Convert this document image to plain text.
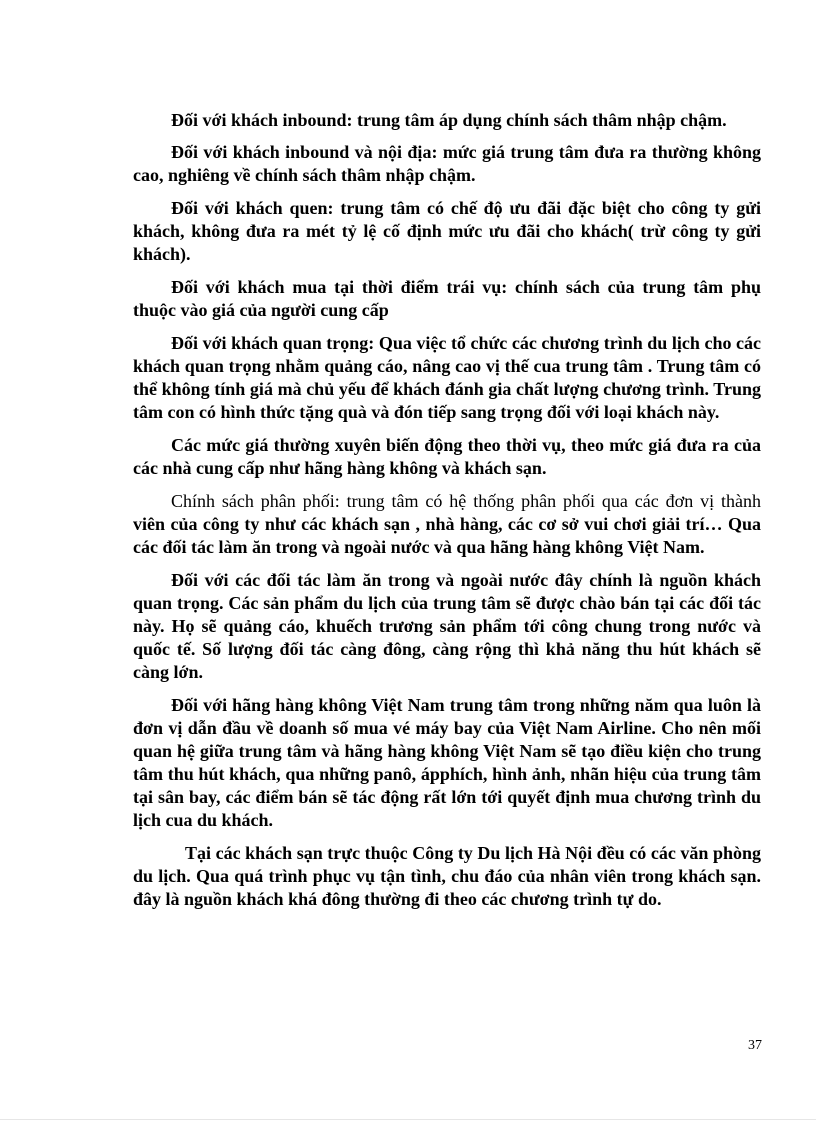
Đối với khách inbound: trung tâm áp dụng chính sách thâm nhập chậm.

Đối với khách inbound và nội địa: mức giá trung tâm đưa ra thường không cao, nghiêng về chính sách thâm nhập chậm.

Đối với khách quen: trung tâm có chế độ ưu đãi đặc biệt cho công ty gửi khách, không đưa ra mét tỷ lệ cố định mức ưu đãi cho khách( trừ công ty gửi khách).

Đối với khách mua tại thời điểm trái vụ: chính sách của trung tâm phụ thuộc vào giá của người cung cấp

Đối với khách quan trọng: Qua việc tổ chức các chương trình du lịch cho các khách quan trọng nhằm quảng cáo, nâng cao vị thế cua trung tâm . Trung tâm có thể không tính giá mà chủ yếu để khách đánh gia chất lượng chương trình. Trung tâm con có hình thức tặng quà và đón tiếp sang trọng đối với loại khách này.

Các mức giá thường xuyên biến động theo thời vụ, theo mức giá đưa ra của các nhà cung cấp như hãng hàng không và khách sạn.

Chính sách phân phối: trung tâm có hệ thống phân phối qua các đơn vị thành viên của công ty như các khách sạn , nhà hàng, các cơ sở vui chơi giải trí… Qua các đối tác làm ăn trong và ngoài nước và qua hãng hàng không Việt Nam.

Đối với các đối tác làm ăn trong và ngoài nước đây chính là nguồn khách quan trọng. Các sản phẩm du lịch của trung tâm sẽ được chào bán tại các đối tác này. Họ sẽ quảng cáo, khuếch trương sản phẩm tới công chung trong nước và quốc tế. Số lượng đối tác càng đông, càng rộng thì khả năng thu hút khách sẽ càng lớn.

Đối với hãng hàng không Việt Nam trung tâm trong những năm qua luôn là đơn vị dẫn đầu về doanh số mua vé máy bay của Việt Nam Airline. Cho nên mối quan hệ giữa trung tâm và hãng hàng không Việt Nam sẽ tạo điều kiện cho trung tâm thu hút khách, qua những panô, ápphích, hình ảnh, nhãn hiệu của trung tâm tại sân bay, các điểm bán sẽ tác động rất lớn tới quyết định mua chương trình du lịch cua du khách.

Tại các khách sạn trực thuộc Công ty Du lịch Hà Nội đều có các văn phòng du lịch. Qua quá trình phục vụ tận tình, chu đáo của nhân viên trong khách sạn. đây là nguồn khách khá đông thường đi theo các chương trình tự do.

37
